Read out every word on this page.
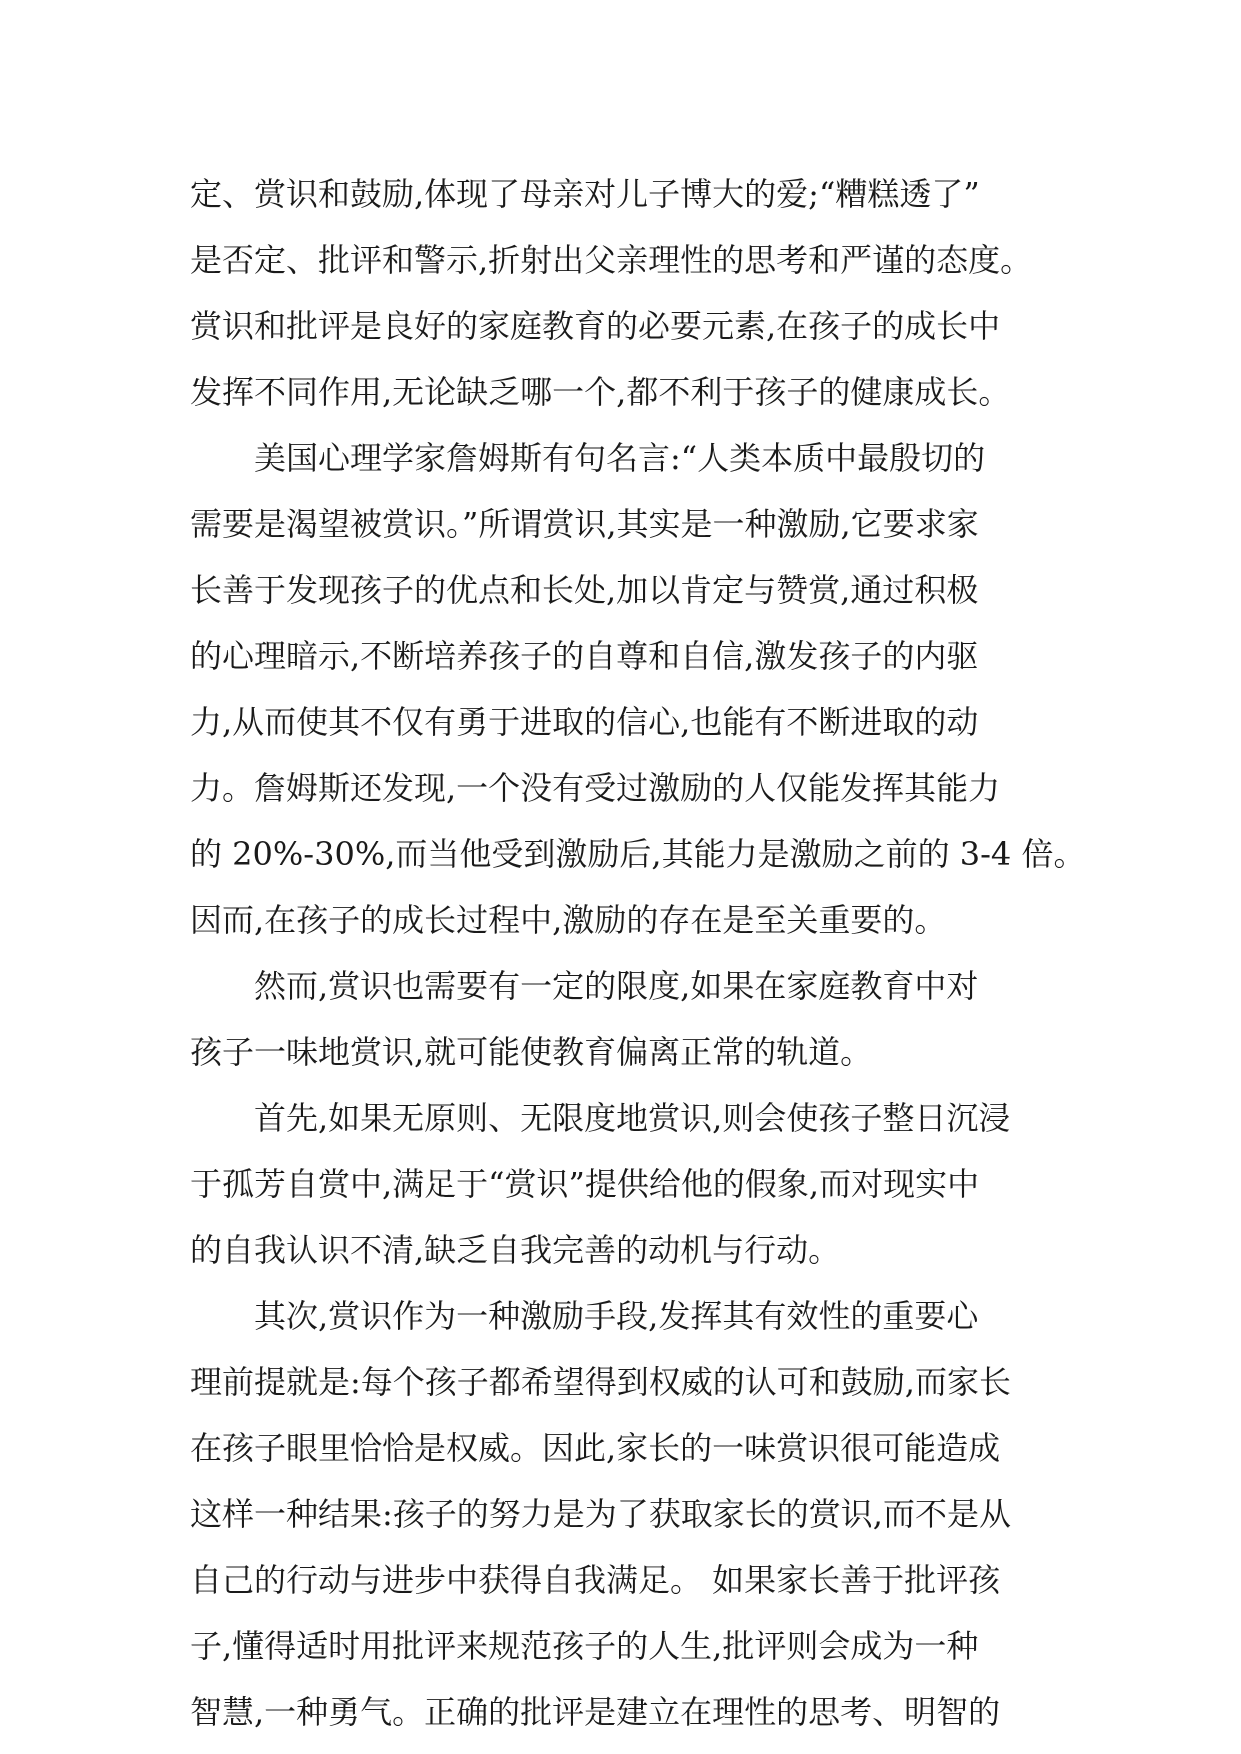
定、赏识和鼓励,体现了母亲对儿子博大的爱;“糟糕透了”
是否定、批评和警示,折射出父亲理性的思考和严谨的态度。
赏识和批评是良好的家庭教育的必要元素,在孩子的成长中
发挥不同作用,无论缺乏哪一个,都不利于孩子的健康成长。
美国心理学家詹姆斯有句名言:“人类本质中最殷切的
需要是渴望被赏识。”所谓赏识,其实是一种激励,它要求家
长善于发现孩子的优点和长处,加以肯定与赞赏,通过积极
的心理暗示,不断培养孩子的自尊和自信,激发孩子的内驱
力,从而使其不仅有勇于进取的信心,也能有不断进取的动
力。詹姆斯还发现,一个没有受过激励的人仅能发挥其能力
的 20%-30%,而当他受到激励后,其能力是激励之前的 3-4 倍。
因而,在孩子的成长过程中,激励的存在是至关重要的。
然而,赏识也需要有一定的限度,如果在家庭教育中对
孩子一味地赏识,就可能使教育偏离正常的轨道。
首先,如果无原则、无限度地赏识,则会使孩子整日沉浸
于孤芳自赏中,满足于“赏识”提供给他的假象,而对现实中
的自我认识不清,缺乏自我完善的动机与行动。
其次,赏识作为一种激励手段,发挥其有效性的重要心
理前提就是:每个孩子都希望得到权威的认可和鼓励,而家长
在孩子眼里恰恰是权威。因此,家长的一味赏识很可能造成
这样一种结果:孩子的努力是为了获取家长的赏识,而不是从
自己的行动与进步中获得自我满足。 如果家长善于批评孩
子,懂得适时用批评来规范孩子的人生,批评则会成为一种
智慧,一种勇气。正确的批评是建立在理性的思考、明智的
